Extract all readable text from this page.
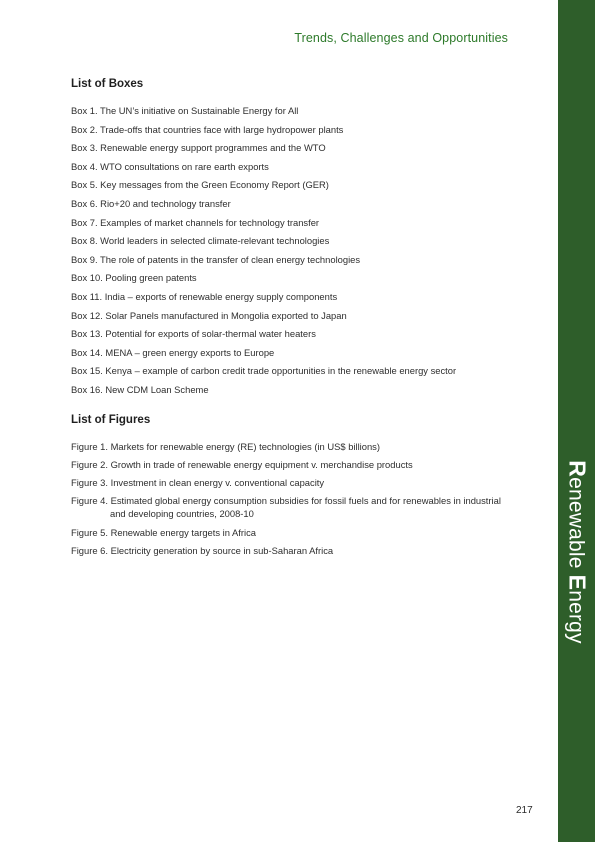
Trends, Challenges and Opportunities
Renewable Energy
List of Boxes
Box 1. The UN’s initiative on Sustainable Energy for All
Box 2. Trade-offs that countries face with large hydropower plants
Box 3. Renewable energy support programmes and the WTO
Box 4. WTO consultations on rare earth exports
Box 5. Key messages from the Green Economy Report (GER)
Box 6. Rio+20 and technology transfer
Box 7. Examples of market channels for technology transfer
Box 8. World leaders in selected climate-relevant technologies
Box 9. The role of patents in the transfer of clean energy technologies
Box 10. Pooling green patents
Box 11. India – exports of renewable energy supply components
Box 12. Solar Panels manufactured in Mongolia exported to Japan
Box 13. Potential for exports of solar-thermal water heaters
Box 14. MENA – green energy exports to Europe
Box 15. Kenya – example of carbon credit trade opportunities in the renewable energy sector
Box 16. New CDM Loan Scheme
List of Figures
Figure 1. Markets for renewable energy (RE) technologies (in US$ billions)
Figure 2. Growth in trade of renewable energy equipment v. merchandise products
Figure 3. Investment in clean energy v. conventional capacity
Figure 4. Estimated global energy consumption subsidies for fossil fuels and for renewables in industrial
and developing countries, 2008-10
Figure 5. Renewable energy targets in Africa
Figure 6. Electricity generation by source in sub-Saharan Africa
217
